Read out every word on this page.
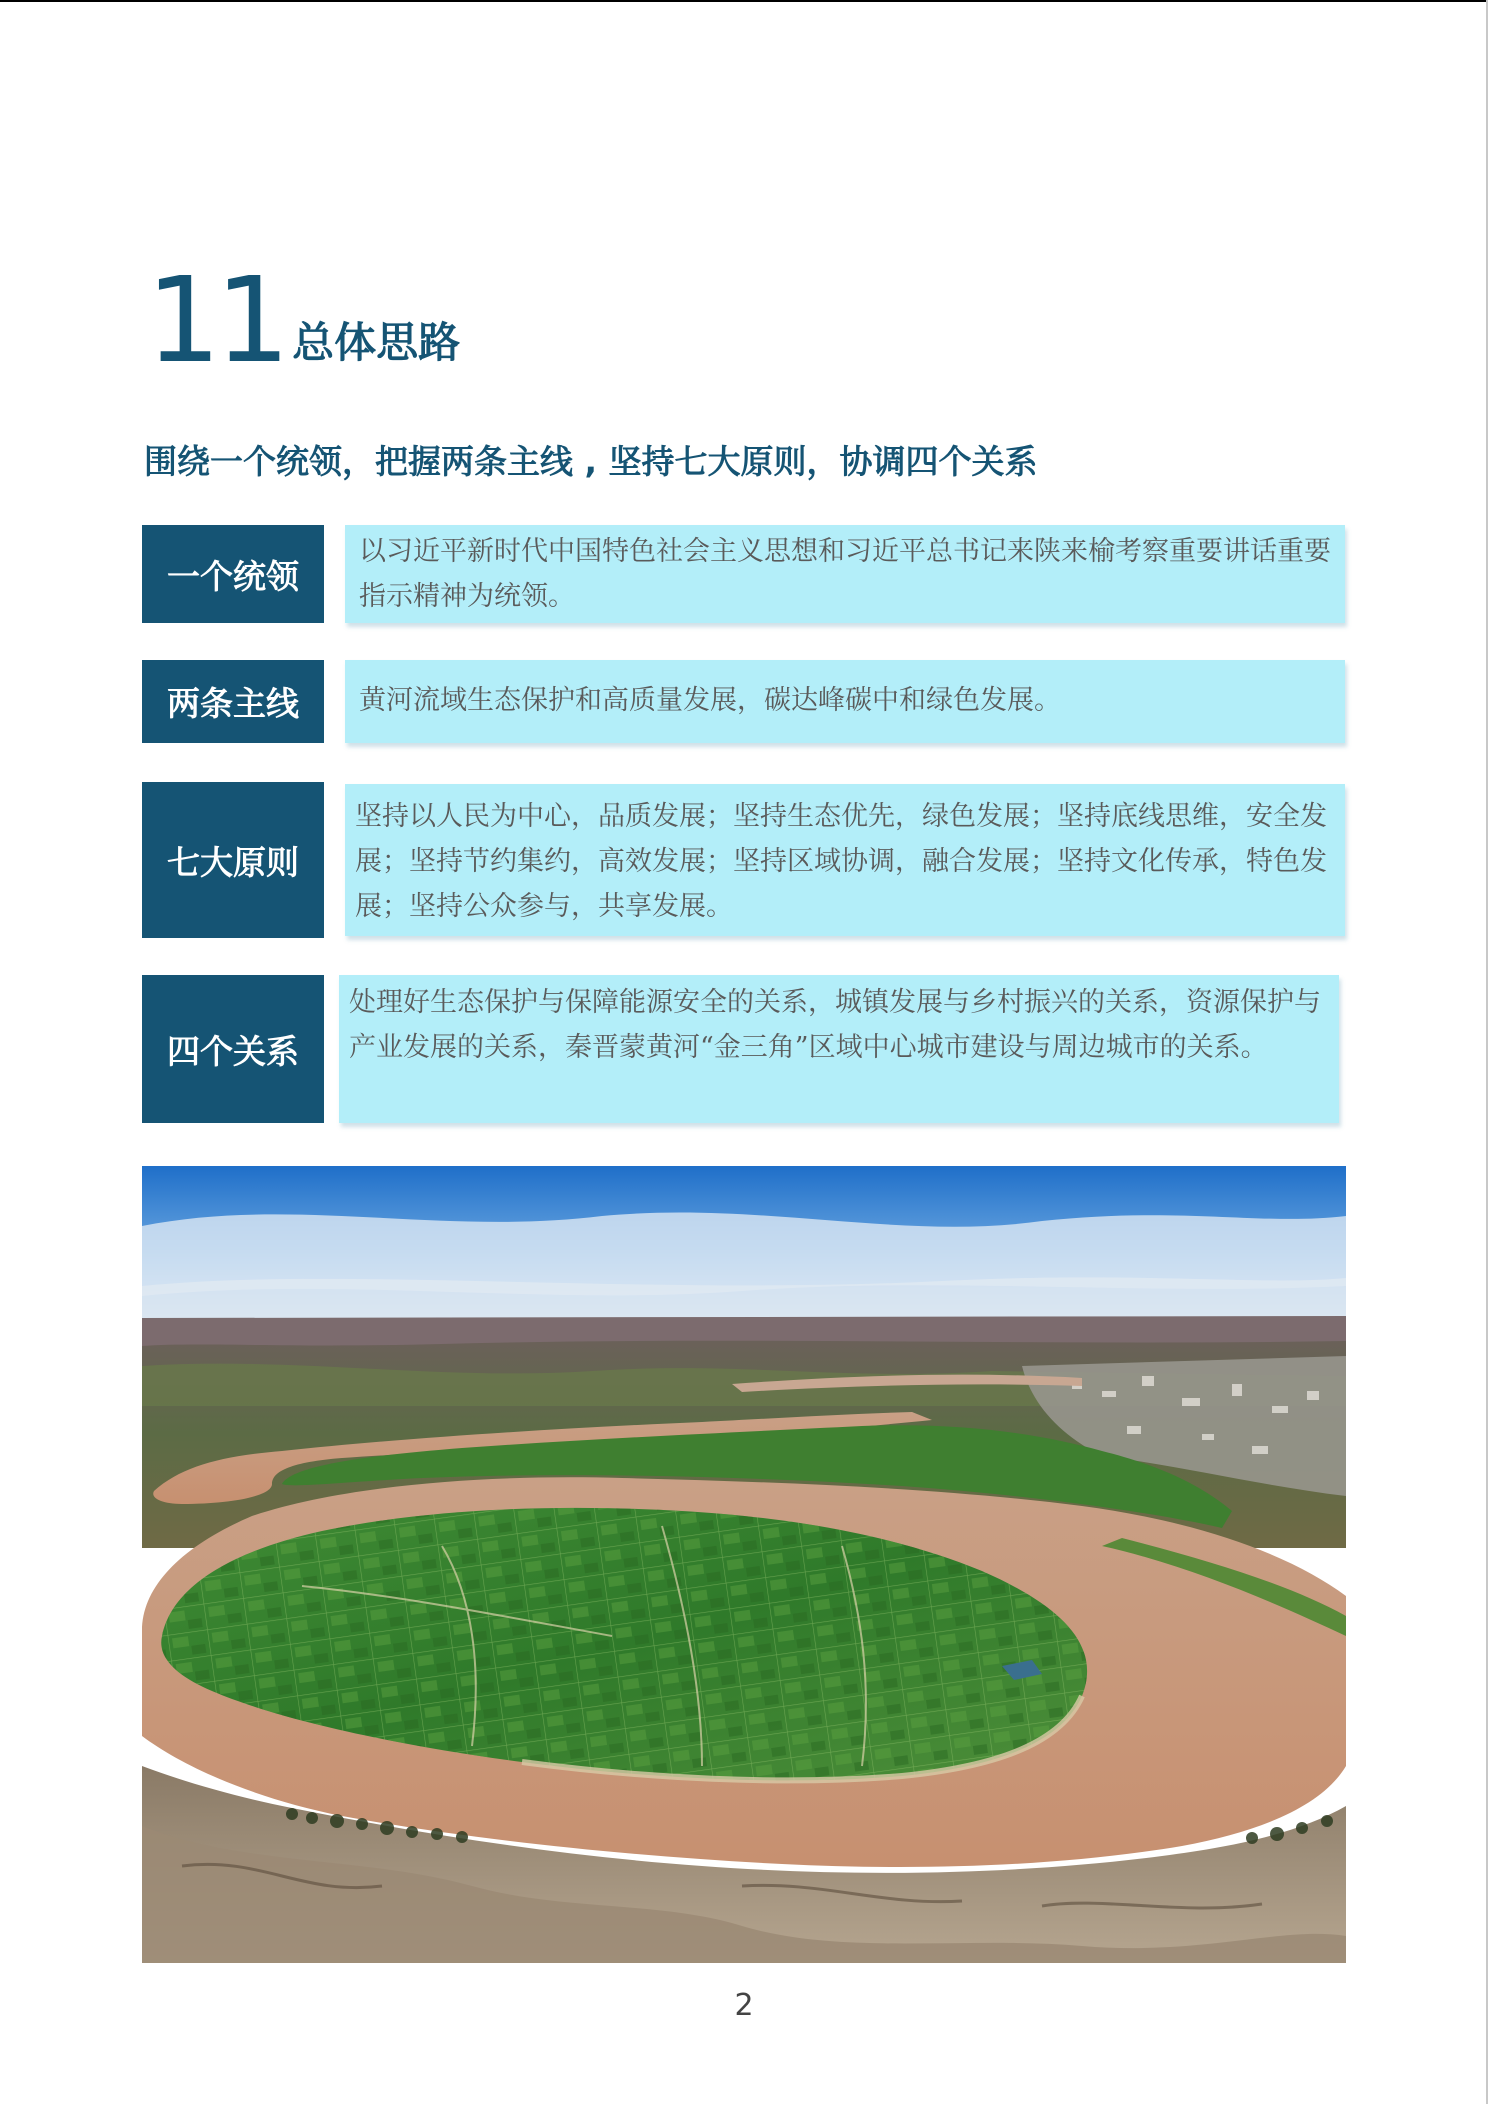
11 总体思路
围绕一个统领，把握两条主线 , 坚持七大原则，协调四个关系
一个统领
以习近平新时代中国特色社会主义思想和习近平总书记来陕来榆考察重要讲话重要指示精神为统领。
两条主线	黄河流域生态保护和高质量发展，碳达峰碳中和绿色发展。
七大原则
坚持以人民为中心，品质发展；坚持生态优先，绿色发展；坚持底线思维，安全发展；坚持节约集约，高效发展；坚持区域协调，融合发展；坚持文化传承，特色发展；坚持公众参与，共享发展。
四个关系
处理好生态保护与保障能源安全的关系，城镇发展与乡村振兴的关系，资源保护与产业发展的关系，秦晋蒙黄河“金三角”区域中心城市建设与周边城市的关系。
2
